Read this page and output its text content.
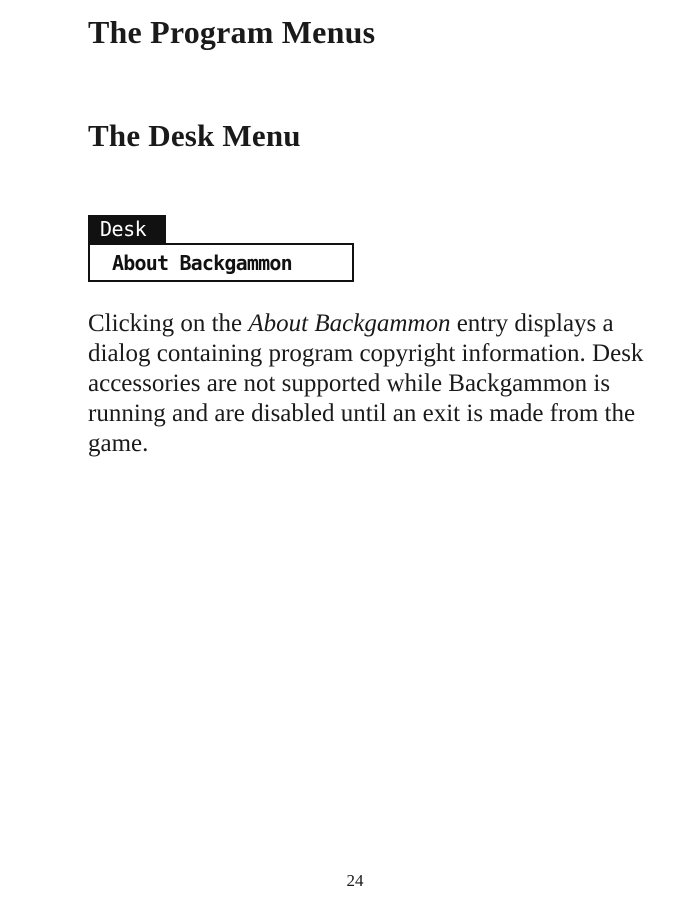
The Program Menus
The Desk Menu
Desk
About Backgammon

Clicking on the About Backgammon entry displays a dialog containing program copyright information. Desk accessories are not supported while Backgammon is running and are disabled until an exit is made from the game.

24
